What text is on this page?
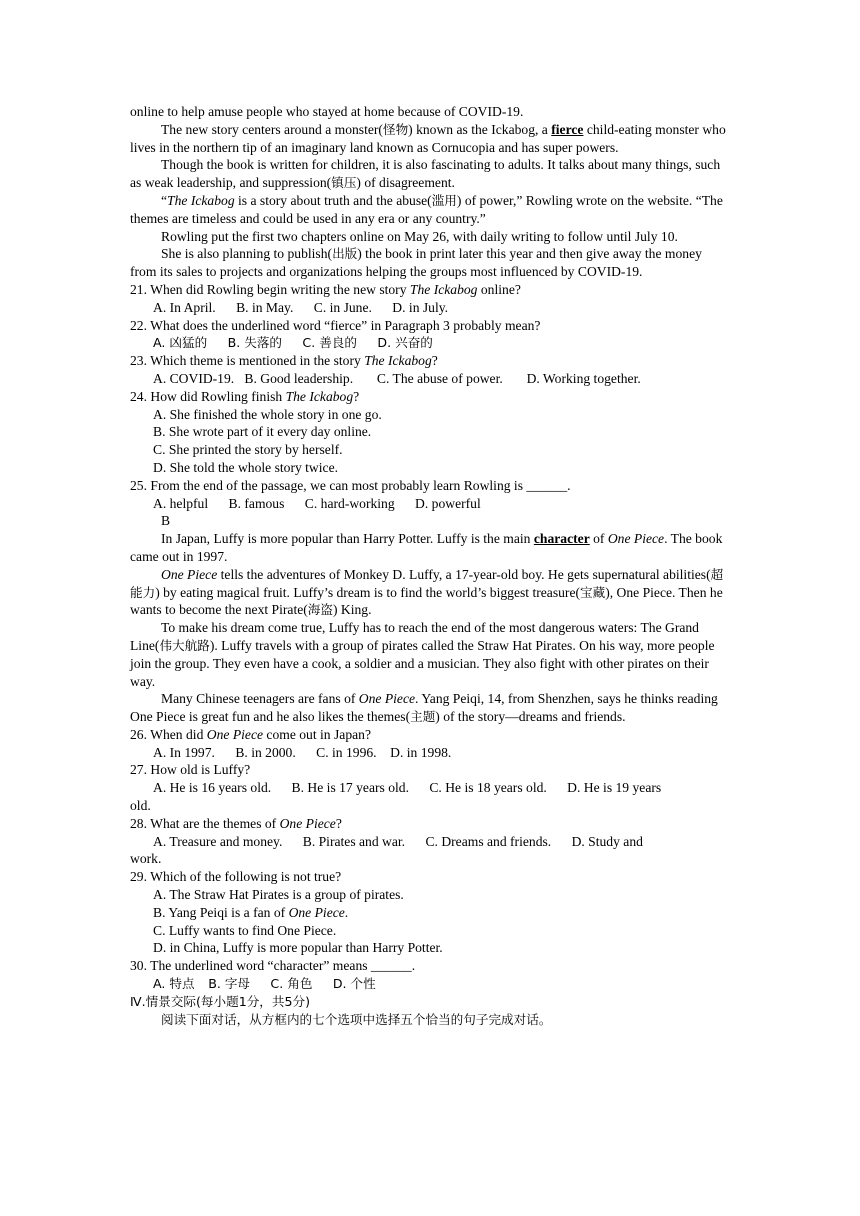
online to help amuse people who stayed at home because of COVID-19.

The new story centers around a monster(怪物) known as the Ickabog, a fierce child-eating monster who lives in the northern tip of an imaginary land known as Cornucopia and has super powers.

Though the book is written for children, it is also fascinating to adults. It talks about many things, such as weak leadership, and suppression(镇压) of disagreement.

“The Ickabog is a story about truth and the abuse(滥用) of power,” Rowling wrote on the website. “The themes are timeless and could be used in any era or any country.”

Rowling put the first two chapters online on May 26, with daily writing to follow until July 10.

She is also planning to publish(出版) the book in print later this year and then give away the money from its sales to projects and organizations helping the groups most influenced by COVID-19.

21. When did Rowling begin writing the new story The Ickabog online?

A. In April. B. in May. C. in June. D. in July.

22. What does the underlined word “fierce” in Paragraph 3 probably mean?

A. 凶猛的 B. 失落的 C. 善良的 D. 兴奋的

23. Which theme is mentioned in the story The Ickabog?

A. COVID-19. B. Good leadership. C. The abuse of power. D. Working together.

24. How did Rowling finish The Ickabog?

A. She finished the whole story in one go.

B. She wrote part of it every day online.

C. She printed the story by herself.

D. She told the whole story twice.

25. From the end of the passage, we can most probably learn Rowling is ______.

A. helpful B. famous C. hard-working D. powerful

B

In Japan, Luffy is more popular than Harry Potter. Luffy is the main character of One Piece. The book came out in 1997.

One Piece tells the adventures of Monkey D. Luffy, a 17-year-old boy. He gets supernatural abilities(超能力) by eating magical fruit. Luffy’s dream is to find the world’s biggest treasure(宝藏), One Piece. Then he wants to become the next Pirate(海盗) King.

To make his dream come true, Luffy has to reach the end of the most dangerous waters: The Grand Line(伟大航路). Luffy travels with a group of pirates called the Straw Hat Pirates. On his way, more people join the group. They even have a cook, a soldier and a musician. They also fight with other pirates on their way.

Many Chinese teenagers are fans of One Piece. Yang Peiqi, 14, from Shenzhen, says he thinks reading One Piece is great fun and he also likes the themes(主题) of the story—dreams and friends.

26. When did One Piece come out in Japan?

A. In 1997. B. in 2000. C. in 1996. D. in 1998.

27. How old is Luffy?

A. He is 16 years old.      B. He is 17 years old.      C. He is 18 years old.      D. He is 19 years

old.

28. What are the themes of One Piece?

A. Treasure and money.      B. Pirates and war.      C. Dreams and friends.      D. Study and

work.

29. Which of the following is not true?

A. The Straw Hat Pirates is a group of pirates.

B. Yang Peiqi is a fan of One Piece.

C. Luffy wants to find One Piece.

D. in China, Luffy is more popular than Harry Potter.

30. The underlined word “character” means ______.

A. 特点 B. 字母 C. 角色 D. 个性

Ⅳ.情景交际(每小题1分，共5分)

阅读下面对话，从方框内的七个选项中选择五个恰当的句子完成对话。
